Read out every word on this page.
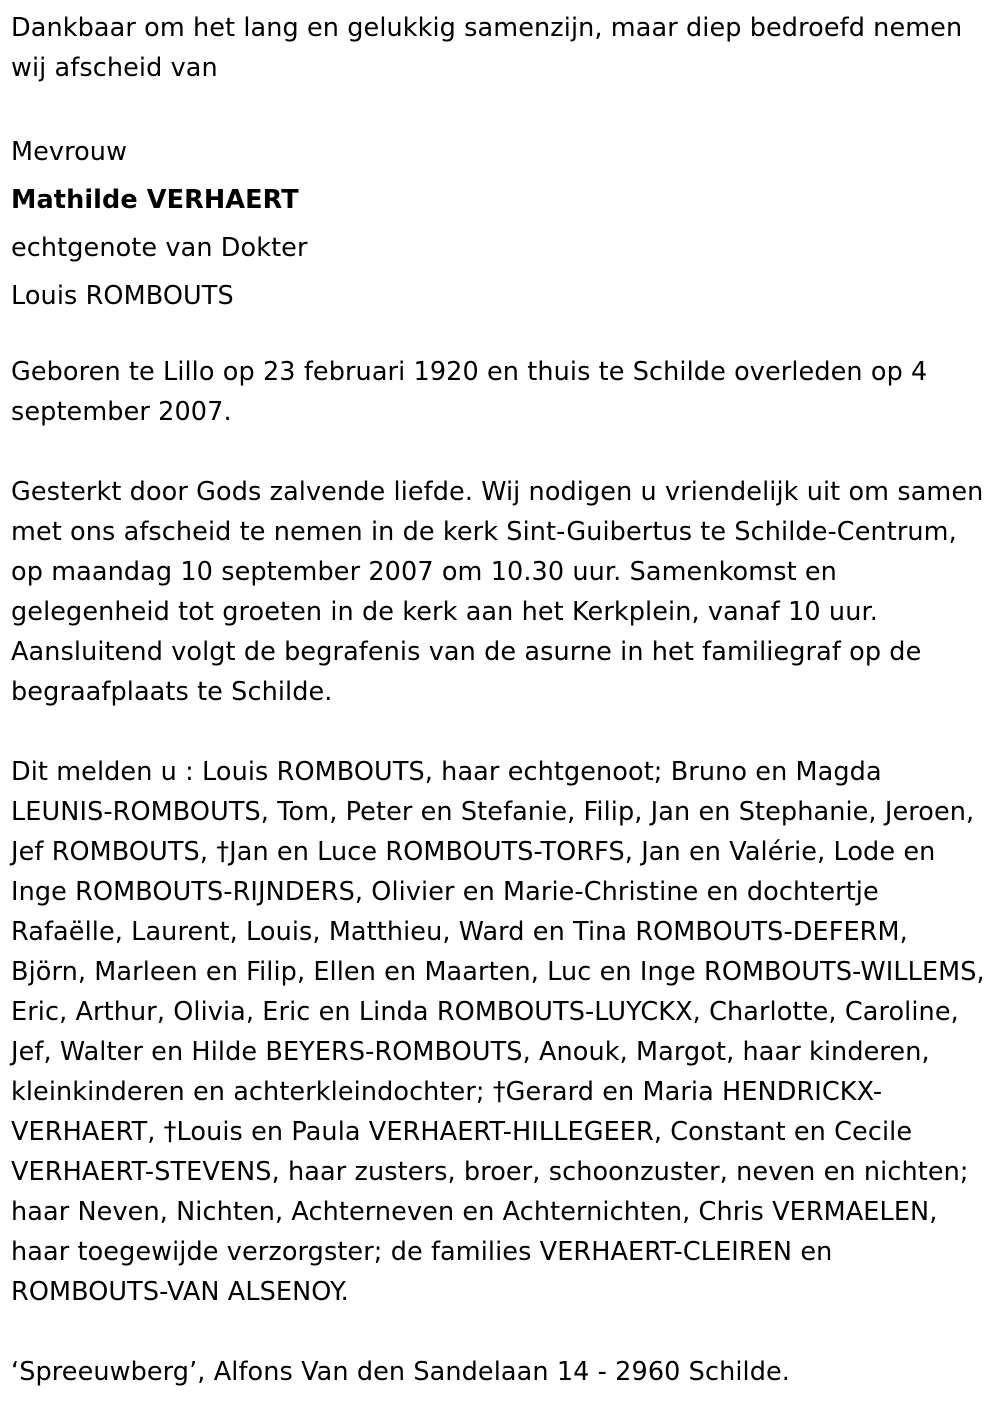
Dankbaar om het lang en gelukkig samenzijn, maar diep bedroefd nemen wij afscheid van

Mevrouw
Mathilde VERHAERT
echtgenote van Dokter
Louis ROMBOUTS

Geboren te Lillo op 23 februari 1920 en thuis te Schilde overleden op 4 september 2007.

Gesterkt door Gods zalvende liefde. Wij nodigen u vriendelijk uit om samen met ons afscheid te nemen in de kerk Sint-Guibertus te Schilde-Centrum, op maandag 10 september 2007 om 10.30 uur. Samenkomst en gelegenheid tot groeten in de kerk aan het Kerkplein, vanaf 10 uur. Aansluitend volgt de begrafenis van de asurne in het familiegraf op de begraafplaats te Schilde.

Dit melden u : Louis ROMBOUTS, haar echtgenoot; Bruno en Magda LEUNIS-ROMBOUTS, Tom, Peter en Stefanie, Filip, Jan en Stephanie, Jeroen, Jef ROMBOUTS, †Jan en Luce ROMBOUTS-TORFS, Jan en Valérie, Lode en Inge ROMBOUTS-RIJNDERS, Olivier en Marie-Christine en dochtertje Rafaëlle, Laurent, Louis, Matthieu, Ward en Tina ROMBOUTS-DEFERM, Björn, Marleen en Filip, Ellen en Maarten, Luc en Inge ROMBOUTS-WILLEMS, Eric, Arthur, Olivia, Eric en Linda ROMBOUTS-LUYCKX, Charlotte, Caroline, Jef, Walter en Hilde BEYERS-ROMBOUTS, Anouk, Margot, haar kinderen, kleinkinderen en achterkleindochter; †Gerard en Maria HENDRICKX-VERHAERT, †Louis en Paula VERHAERT-HILLEGEER, Constant en Cecile VERHAERT-STEVENS, haar zusters, broer, schoonzuster, neven en nichten; haar Neven, Nichten, Achterneven en Achternichten, Chris VERMAELEN, haar toegewijde verzorgster; de families VERHAERT-CLEIREN en ROMBOUTS-VAN ALSENOY.

‘Spreeuwberg’, Alfons Van den Sandelaan 14 - 2960 Schilde.
